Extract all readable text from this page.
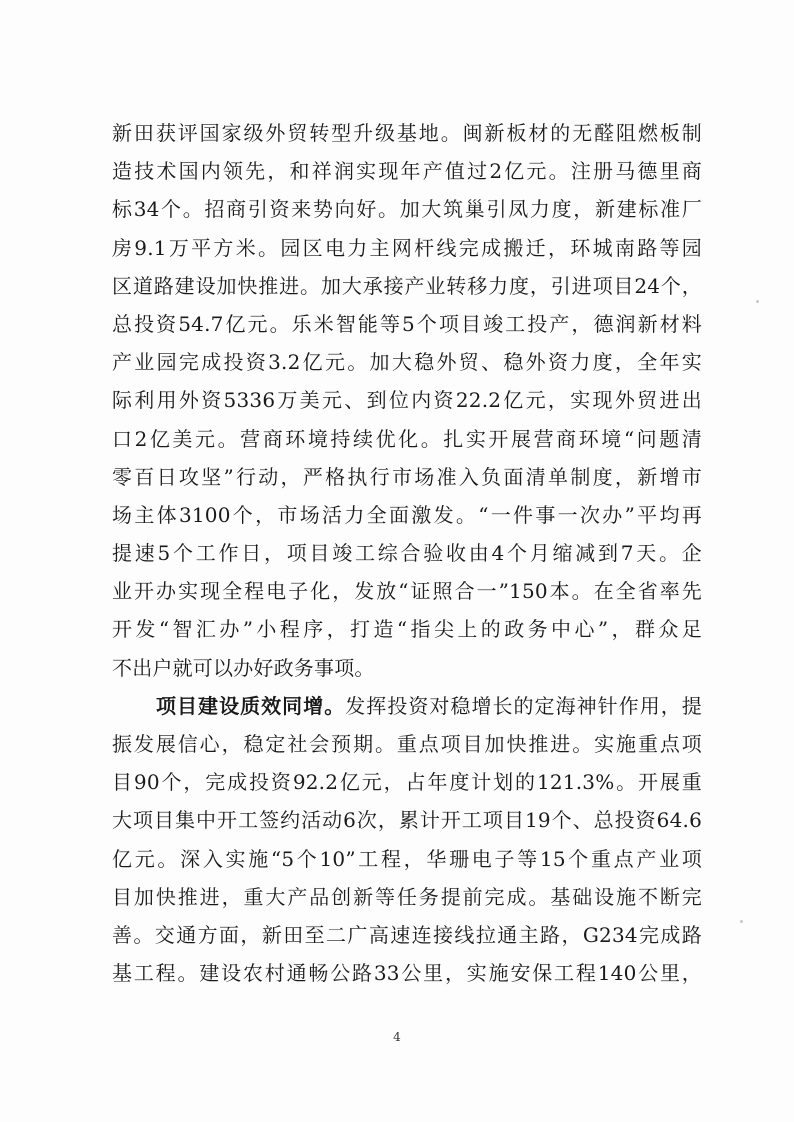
新田获评国家级外贸转型升级基地。闽新板材的无醛阻燃板制
造技术国内领先，和祥润实现年产值过2亿元。注册马德里商
标34个。招商引资来势向好。加大筑巢引凤力度，新建标准厂
房9.1万平方米。园区电力主网杆线完成搬迁，环城南路等园
区道路建设加快推进。加大承接产业转移力度，引进项目24个，
总投资54.7亿元。乐米智能等5个项目竣工投产，德润新材料
产业园完成投资3.2亿元。加大稳外贸、稳外资力度，全年实
际利用外资5336万美元、到位内资22.2亿元，实现外贸进出
口2亿美元。营商环境持续优化。扎实开展营商环境“问题清
零百日攻坚”行动，严格执行市场准入负面清单制度，新增市
场主体3100个，市场活力全面激发。“一件事一次办”平均再
提速5个工作日，项目竣工综合验收由4个月缩减到7天。企
业开办实现全程电子化，发放“证照合一”150本。在全省率先
开发“智汇办”小程序，打造“指尖上的政务中心”，群众足
不出户就可以办好政务事项。
项目建设质效同增。发挥投资对稳增长的定海神针作用，提
振发展信心，稳定社会预期。重点项目加快推进。实施重点项
目90个，完成投资92.2亿元，占年度计划的121.3%。开展重
大项目集中开工签约活动6次，累计开工项目19个、总投资64.6
亿元。深入实施“5个10”工程，华珊电子等15个重点产业项
目加快推进，重大产品创新等任务提前完成。基础设施不断完
善。交通方面，新田至二广高速连接线拉通主路，G234完成路
基工程。建设农村通畅公路33公里，实施安保工程140公里，
4
